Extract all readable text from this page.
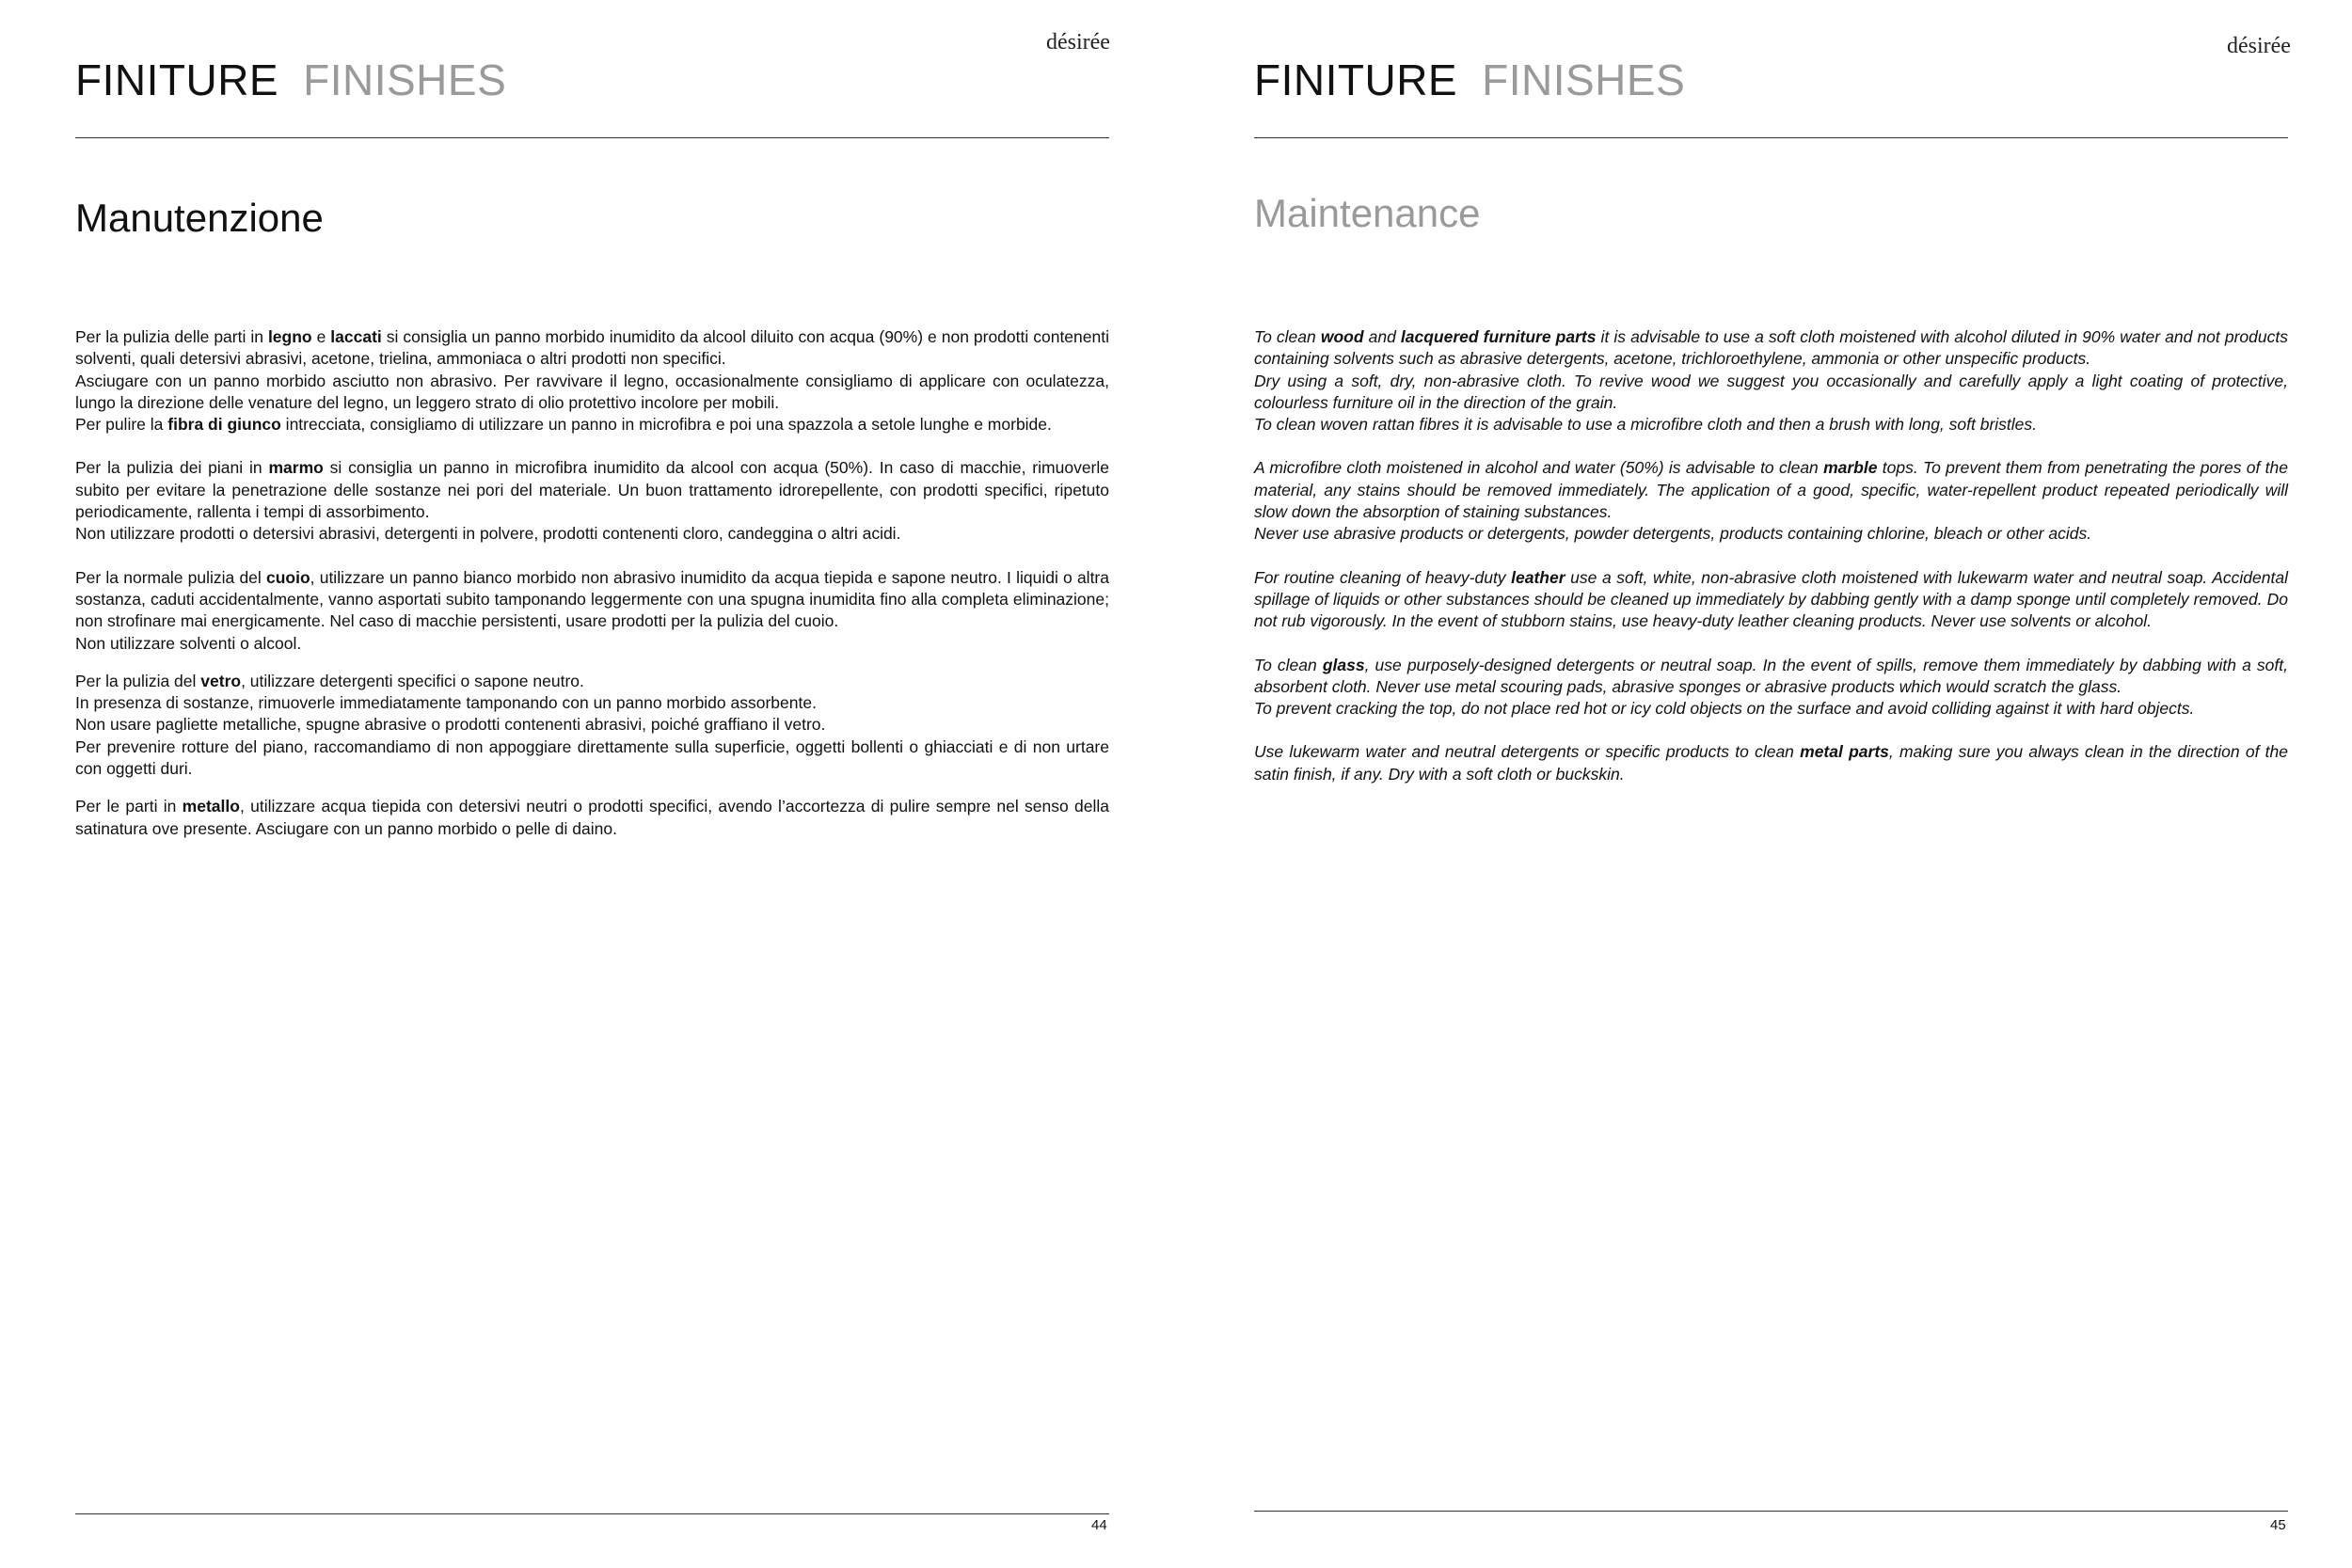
désirée
FINITURE FINISHES
Manutenzione

Per la pulizia delle parti in legno e laccati si consiglia un panno morbido inumidito da alcool diluito con acqua (90%) e non prodotti contenenti solventi, quali detersivi abrasivi, acetone, trielina, ammoniaca o altri prodotti non specifici.
Asciugare con un panno morbido asciutto non abrasivo. Per ravvivare il legno, occasionalmente consigliamo di applicare con oculatezza, lungo la direzione delle venature del legno, un leggero strato di olio protettivo incolore per mobili.
Per pulire la fibra di giunco intrecciata, consigliamo di utilizzare un panno in microfibra e poi una spazzola a setole lunghe e morbide.

Per la pulizia dei piani in marmo si consiglia un panno in microfibra inumidito da alcool con acqua (50%). In caso di macchie, rimuoverle subito per evitare la penetrazione delle sostanze nei pori del materiale. Un buon trattamento idrorepellente, con prodotti specifici, ripetuto periodicamente, rallenta i tempi di assorbimento.
Non utilizzare prodotti o detersivi abrasivi, detergenti in polvere, prodotti contenenti cloro, candeggina o altri acidi.

Per la normale pulizia del cuoio, utilizzare un panno bianco morbido non abrasivo inumidito da acqua tiepida e sapone neutro. I liquidi o altra sostanza, caduti accidentalmente, vanno asportati subito tamponando leggermente con una spugna inumidita fino alla completa eliminazione; non strofinare mai energicamente. Nel caso di macchie persistenti, usare prodotti per la pulizia del cuoio.
Non utilizzare solventi o alcool.

Per la pulizia del vetro, utilizzare detergenti specifici o sapone neutro.
In presenza di sostanze, rimuoverle immediatamente tamponando con un panno morbido assorbente.
Non usare pagliette metalliche, spugne abrasive o prodotti contenenti abrasivi, poiché graffiano il vetro.
Per prevenire rotture del piano, raccomandiamo di non appoggiare direttamente sulla superficie, oggetti bollenti o ghiacciati e di non urtare con oggetti duri.

Per le parti in metallo, utilizzare acqua tiepida con detersivi neutri o prodotti specifici, avendo l’accortezza di pulire sempre nel senso della satinatura ove presente. Asciugare con un panno morbido o pelle di daino.

44
désirée
FINITURE FINISHES
Maintenance

To clean wood and lacquered furniture parts it is advisable to use a soft cloth moistened with alcohol diluted in 90% water and not products containing solvents such as abrasive detergents, acetone, trichloroethylene, ammonia or other unspecific products.
Dry using a soft, dry, non-abrasive cloth. To revive wood we suggest you occasionally and carefully apply a light coating of protective, colourless furniture oil in the direction of the grain.
To clean woven rattan fibres it is advisable to use a microfibre cloth and then a brush with long, soft bristles.

A microfibre cloth moistened in alcohol and water (50%) is advisable to clean marble tops. To prevent them from penetrating the pores of the material, any stains should be removed immediately. The application of a good, specific, water-repellent product repeated periodically will slow down the absorption of staining substances.
Never use abrasive products or detergents, powder detergents, products containing chlorine, bleach or other acids.

For routine cleaning of heavy-duty leather use a soft, white, non-abrasive cloth moistened with lukewarm water and neutral soap. Accidental spillage of liquids or other substances should be cleaned up immediately by dabbing gently with a damp sponge until completely removed. Do not rub vigorously. In the event of stubborn stains, use heavy-duty leather cleaning products. Never use solvents or alcohol.

To clean glass, use purposely-designed detergents or neutral soap. In the event of spills, remove them immediately by dabbing with a soft, absorbent cloth. Never use metal scouring pads, abrasive sponges or abrasive products which would scratch the glass.
To prevent cracking the top, do not place red hot or icy cold objects on the surface and avoid colliding against it with hard objects.

Use lukewarm water and neutral detergents or specific products to clean metal parts, making sure you always clean in the direction of the satin finish, if any. Dry with a soft cloth or buckskin.

45
